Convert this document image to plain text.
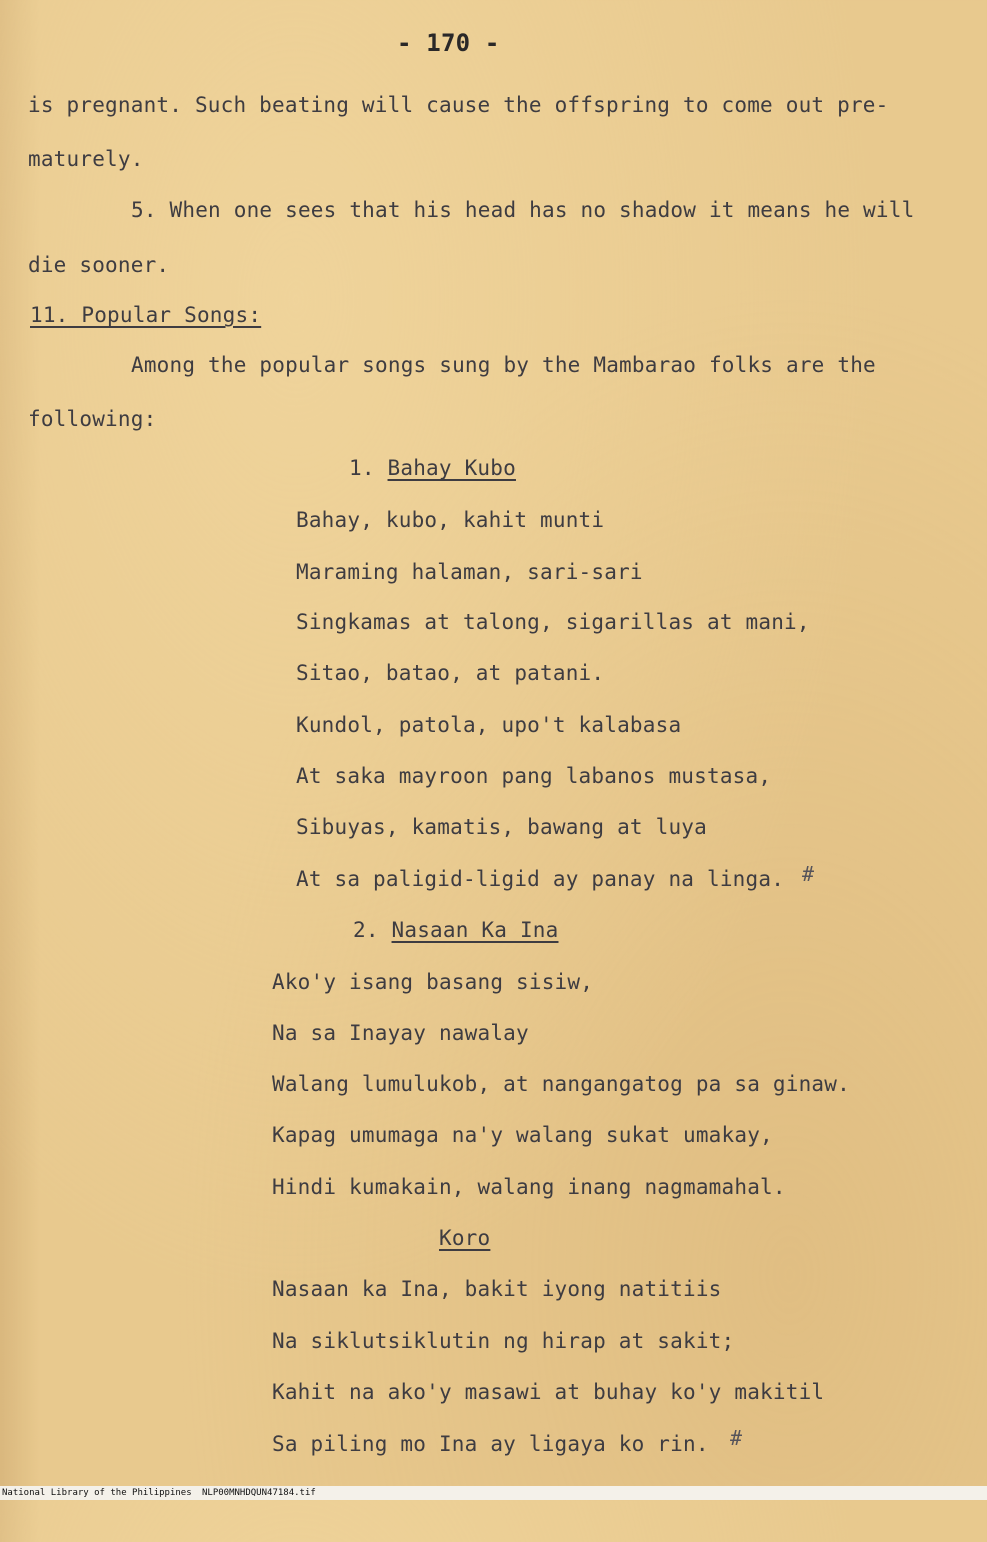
- 170 -
is pregnant. Such beating will cause the offspring to come out pre-
maturely.
5. When one sees that his head has no shadow it means he will
die sooner.
11. Popular Songs:
Among the popular songs sung by the Mambarao folks are the
following:
1. Bahay Kubo
Bahay, kubo, kahit munti
Maraming halaman, sari-sari
Singkamas at talong, sigarillas at mani,
Sitao, batao, at patani.
Kundol, patola, upo't kalabasa
At saka mayroon pang labanos mustasa,
Sibuyas, kamatis, bawang at luya
At sa paligid-ligid ay panay na linga. #
2. Nasaan Ka Ina
Ako'y isang basang sisiw,
Na sa Inayay nawalay
Walang lumulukob, at nangangatog pa sa ginaw.
Kapag umumaga na'y walang sukat umakay,
Hindi kumakain, walang inang nagmamahal.
Koro
Nasaan ka Ina, bakit iyong natitiis
Na siklutsiklutin ng hirap at sakit;
Kahit na ako'y masawi at buhay ko'y makitil
Sa piling mo Ina ay ligaya ko rin. #

National Library of the Philippines

NLP00MNHDQUN47184.tif
